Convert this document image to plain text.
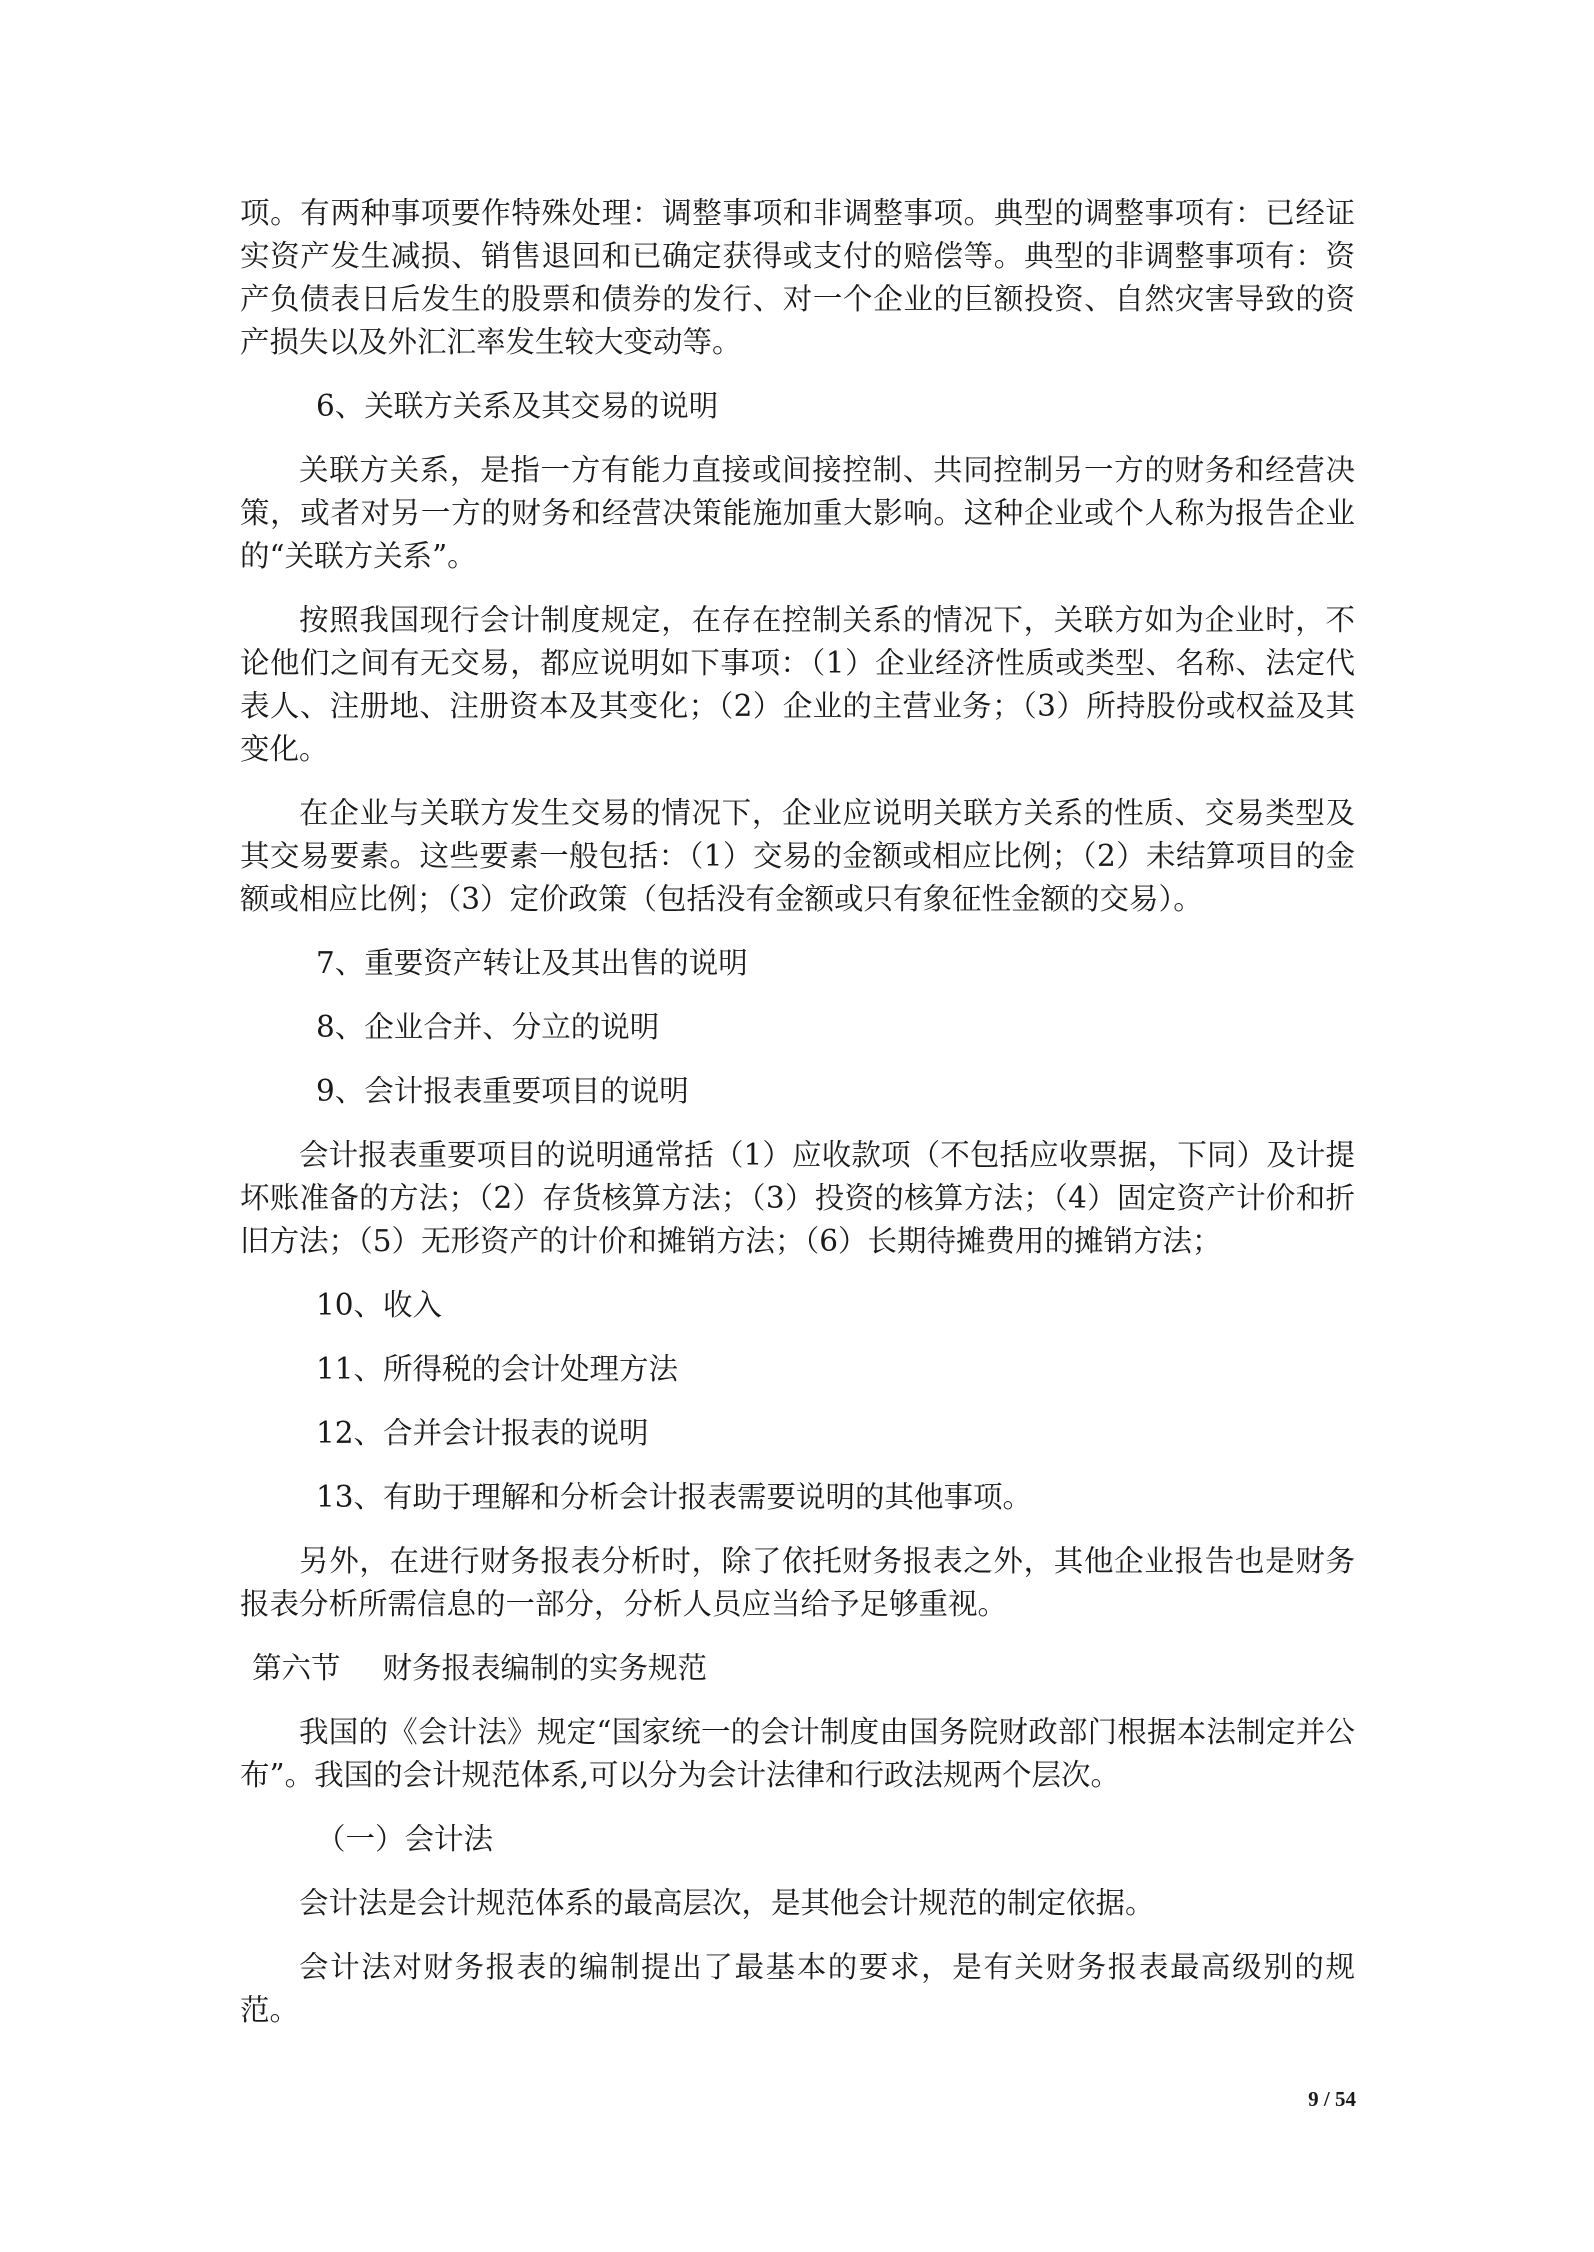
项。有两种事项要作特殊处理：调整事项和非调整事项。典型的调整事项有：已经证实资产发生减损、销售退回和已确定获得或支付的赔偿等。典型的非调整事项有：资产负债表日后发生的股票和债券的发行、对一个企业的巨额投资、自然灾害导致的资产损失以及外汇汇率发生较大变动等。

6、关联方关系及其交易的说明

关联方关系，是指一方有能力直接或间接控制、共同控制另一方的财务和经营决策，或者对另一方的财务和经营决策能施加重大影响。这种企业或个人称为报告企业的“关联方关系”。

按照我国现行会计制度规定，在存在控制关系的情况下，关联方如为企业时，不论他们之间有无交易，都应说明如下事项：（1）企业经济性质或类型、名称、法定代表人、注册地、注册资本及其变化；（2）企业的主营业务；（3）所持股份或权益及其变化。

在企业与关联方发生交易的情况下，企业应说明关联方关系的性质、交易类型及其交易要素。这些要素一般包括：（1）交易的金额或相应比例；（2）未结算项目的金额或相应比例；（3）定价政策（包括没有金额或只有象征性金额的交易）。

7、重要资产转让及其出售的说明

8、企业合并、分立的说明

9、会计报表重要项目的说明

会计报表重要项目的说明通常括（1）应收款项（不包括应收票据，下同）及计提坏账准备的方法；（2）存货核算方法；（3）投资的核算方法；（4）固定资产计价和折旧方法；（5）无形资产的计价和摊销方法；（6）长期待摊费用的摊销方法；

10、收入

11、所得税的会计处理方法

12、合并会计报表的说明

13、有助于理解和分析会计报表需要说明的其他事项。

另外，在进行财务报表分析时，除了依托财务报表之外，其他企业报告也是财务报表分析所需信息的一部分，分析人员应当给予足够重视。

第六节 财务报表编制的实务规范

我国的《会计法》规定“国家统一的会计制度由国务院财政部门根据本法制定并公布”。我国的会计规范体系,可以分为会计法律和行政法规两个层次。

（一）会计法

会计法是会计规范体系的最高层次，是其他会计规范的制定依据。

会计法对财务报表的编制提出了最基本的要求，是有关财务报表最高级别的规范。

9 / 54
